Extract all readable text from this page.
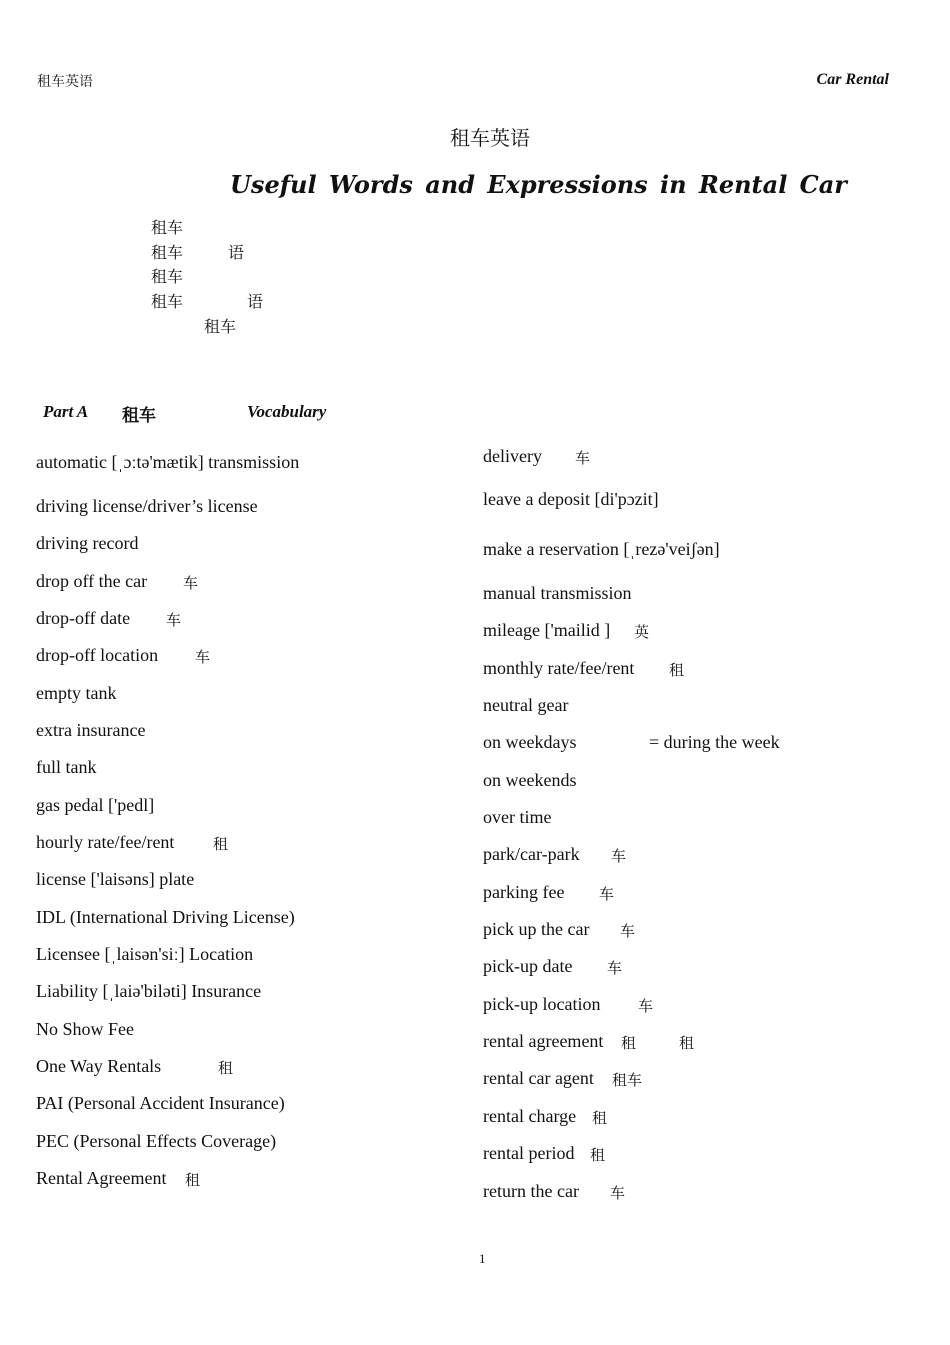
租车英语	Car Rental
租车英语
Useful Words and Expressions in Rental Car
租车
租车	语
租车
租车	语
租车
Part A 租车	Vocabulary
automatic [ˌɔːtə'mætik] transmission
driving license/driver’s license
driving record
drop off the car 车
drop-off date 车
drop-off location 车
empty tank
extra insurance
full tank
gas pedal ['pedl]
hourly rate/fee/rent	租
license ['laisəns] plate
IDL (International Driving License)
Licensee [ˌlaisən'siː] Location
Liability [ˌlaiə'biləti] Insurance
No Show Fee
One Way Rentals	租
PAI (Personal Accident Insurance)
PEC (Personal Effects Coverage)
Rental Agreement 租
delivery 车
leave a deposit [di'pɔzit]
make a reservation [ˌrezə'veiʃən]
manual transmission
mileage ['mailid ] 英
monthly rate/fee/rent 租
neutral gear
on weekdays	= during the week
on weekends
over time
park/car-park 车
parking fee 车
pick up the car 车
pick-up date 车
pick-up location	车
rental agreement 租	租
rental car agent 租车
rental charge 租
rental period 租
return the car 车
1
